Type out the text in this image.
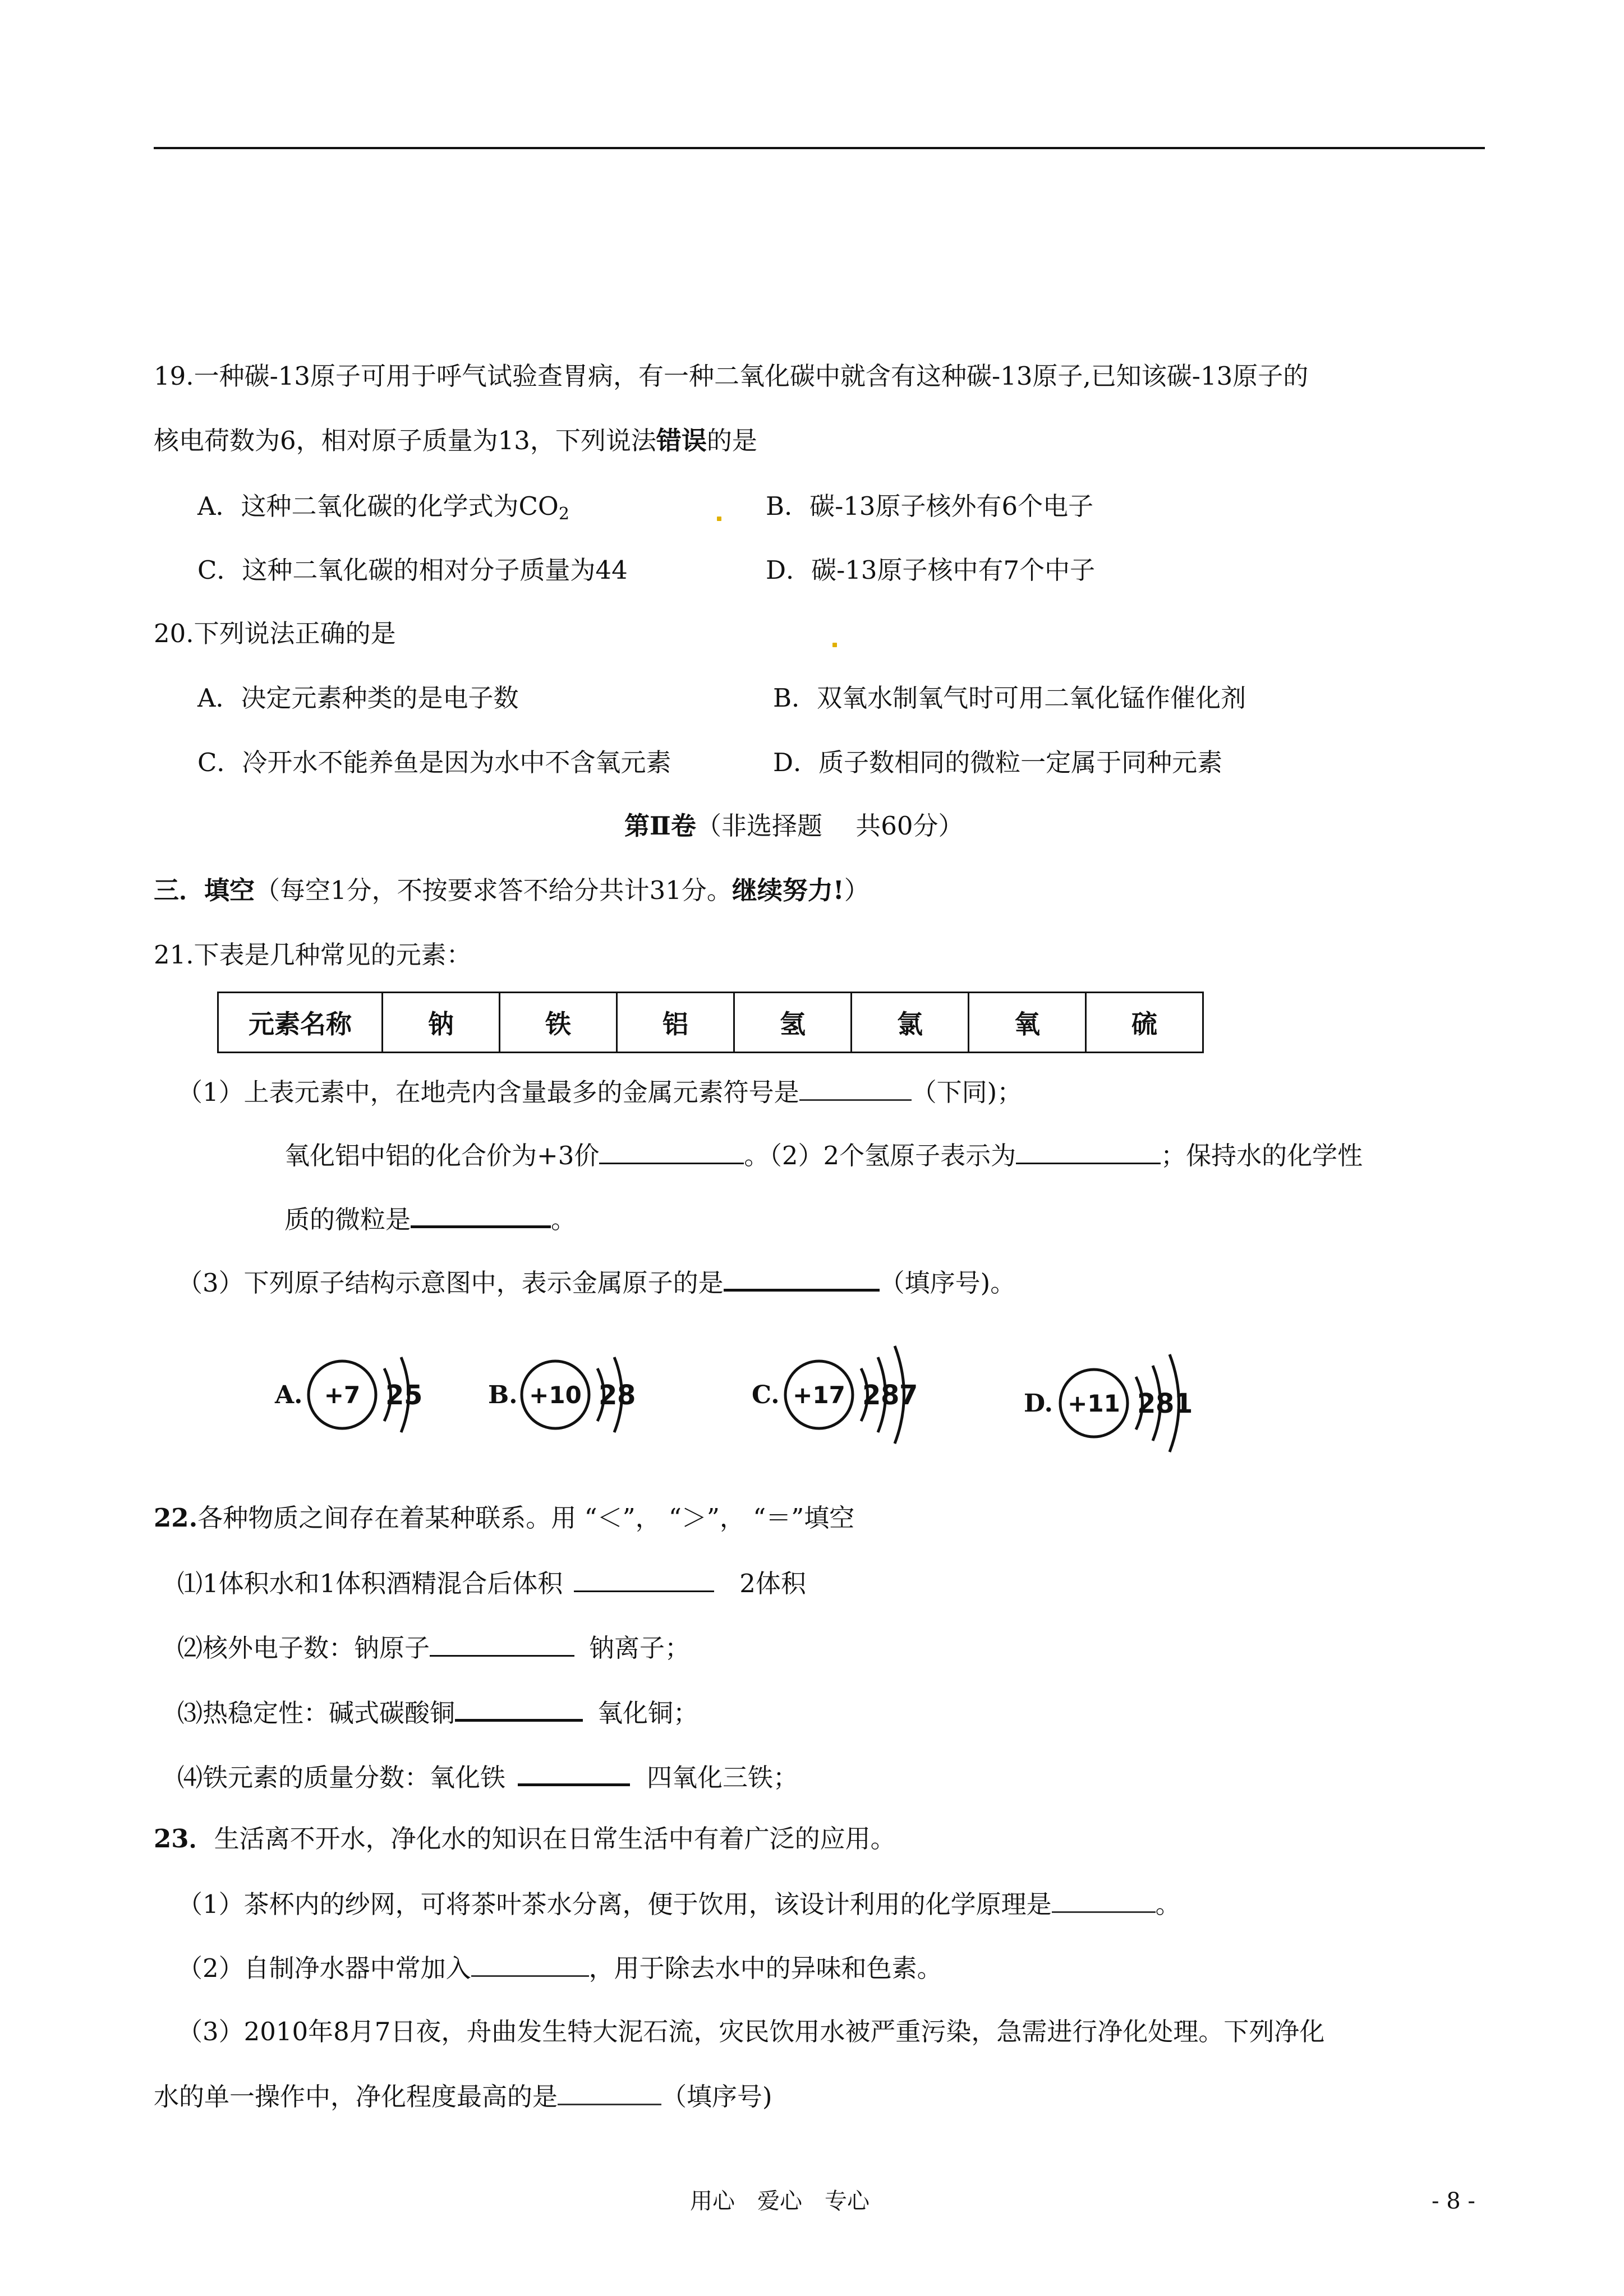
19.一种碳-13原子可用于呼气试验查胃病，有一种二氧化碳中就含有这种碳-13原子,已知该碳-13原子的
核电荷数为6，相对原子质量为13，下列说法错误的是
A．这种二氧化碳的化学式为$CO_2$	B．碳-13原子核外有6个电子
C．这种二氧化碳的相对分子质量为44	D．碳-13原子核中有7个中子
20.下列说法正确的是
A．决定元素种类的是电子数	B．双氧水制氧气时可用二氧化锰作催化剂
C．冷开水不能养鱼是因为水中不含氧元素	D．质子数相同的微粒一定属于同种元素
第Ⅱ卷（非选择题　 共60分）
三．填空（每空1分，不按要求答不给分共计31分。继续努力!）
21.下表是几种常见的元素：
元素名称	钠	铁	铝	氢	氯	氧	硫
（1）上表元素中，在地壳内含量最多的金属元素符号是	（下同)；
氧化铝中铝的化合价为+3价	。（2）2个氢原子表示为	；保持水的化学性
质的微粒是	。
（3）下列原子结构示意图中，表示金属原子的是	（填序号)。
A. +7 2 5	B. +10 2 8	C. +17 2 8 7	D. +11 2 8 1
22.各种物质之间存在着某种联系。用 “＜”， “＞”， “＝”填空
⑴1体积水和1体积酒精混合后体积	2体积
⑵核外电子数：钠原子	钠离子；
⑶热稳定性：碱式碳酸铜	氧化铜；
⑷铁元素的质量分数：氧化铁	四氧化三铁；
23．生活离不开水，净化水的知识在日常生活中有着广泛的应用。
（1）茶杯内的纱网，可将茶叶茶水分离，便于饮用，该设计利用的化学原理是	。
（2）自制净水器中常加入	，用于除去水中的异味和色素。
（3）2010年8月7日夜，舟曲发生特大泥石流，灾民饮用水被严重污染，急需进行净化处理。下列净化
水的单一操作中，净化程度最高的是	（填序号)
用心　爱心　专心	- 8 -
